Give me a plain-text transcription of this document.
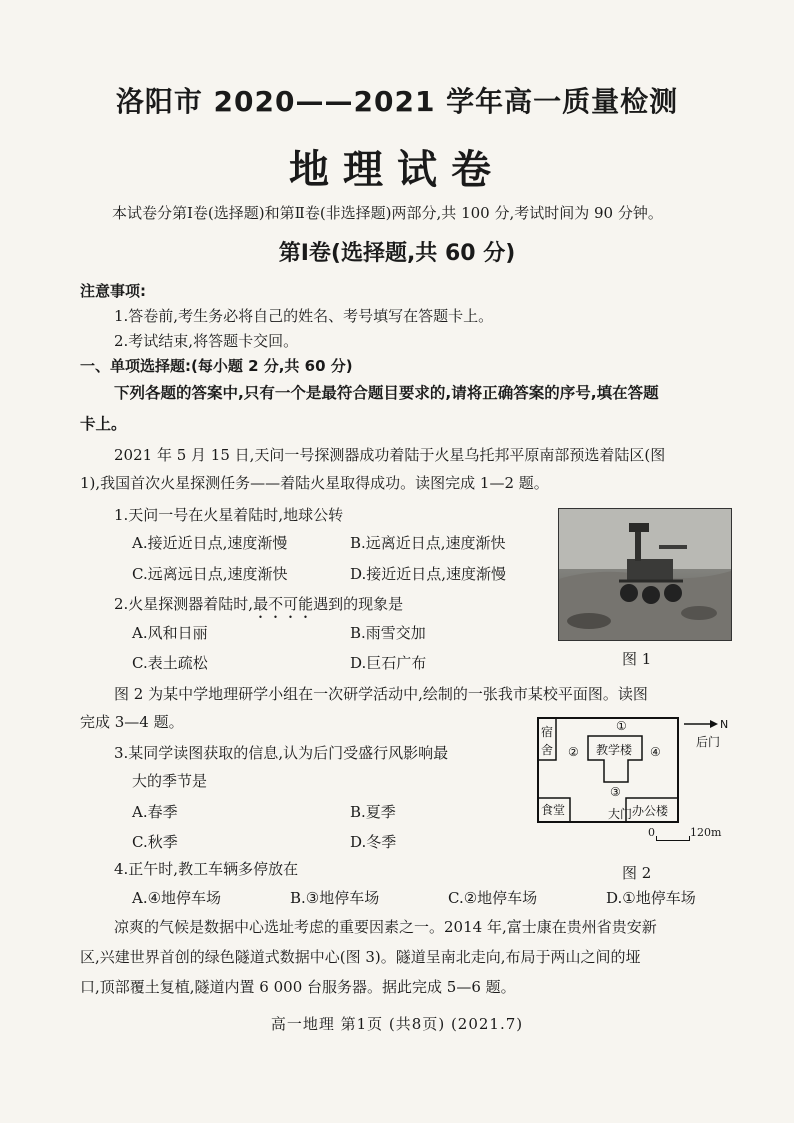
洛阳市 2020——2021 学年高一质量检测
地理试卷
本试卷分第Ⅰ卷(选择题)和第Ⅱ卷(非选择题)两部分,共 100 分,考试时间为 90 分钟。
第Ⅰ卷(选择题,共 60 分)
注意事项:
1.答卷前,考生务必将自己的姓名、考号填写在答题卡上。
2.考试结束,将答题卡交回。
一、单项选择题:(每小题 2 分,共 60 分)
下列各题的答案中,只有一个是最符合题目要求的,请将正确答案的序号,填在答题
卡上。
2021 年 5 月 15 日,天问一号探测器成功着陆于火星乌托邦平原南部预选着陆区(图
1),我国首次火星探测任务——着陆火星取得成功。读图完成 1—2 题。
1.天问一号在火星着陆时,地球公转
A.接近近日点,速度渐慢	B.远离近日点,速度渐快
C.远离远日点,速度渐快	D.接近近日点,速度渐慢
2.火星探测器着陆时,最不可能遇到的现象是
A.风和日丽	B.雨雪交加
C.表土疏松	D.巨石广布	图 1
图 2 为某中学地理研学小组在一次研学活动中,绘制的一张我市某校平面图。读图
完成 3—4 题。
3.某同学读图获取的信息,认为后门受盛行风影响最
大的季节是
A.春季	B.夏季
C.秋季	D.冬季
宿
舍	教学楼
食堂	办公楼
大门
①
②
③
④
N
后门
0	120m
图 2
4.正午时,教工车辆多停放在
A.④地停车场	B.③地停车场	C.②地停车场	D.①地停车场
凉爽的气候是数据中心选址考虑的重要因素之一。2014 年,富士康在贵州省贵安新
区,兴建世界首创的绿色隧道式数据中心(图 3)。隧道呈南北走向,布局于两山之间的垭
口,顶部覆土复植,隧道内置 6 000 台服务器。据此完成 5—6 题。
高一地理 第1页 (共8页) (2021.7)
